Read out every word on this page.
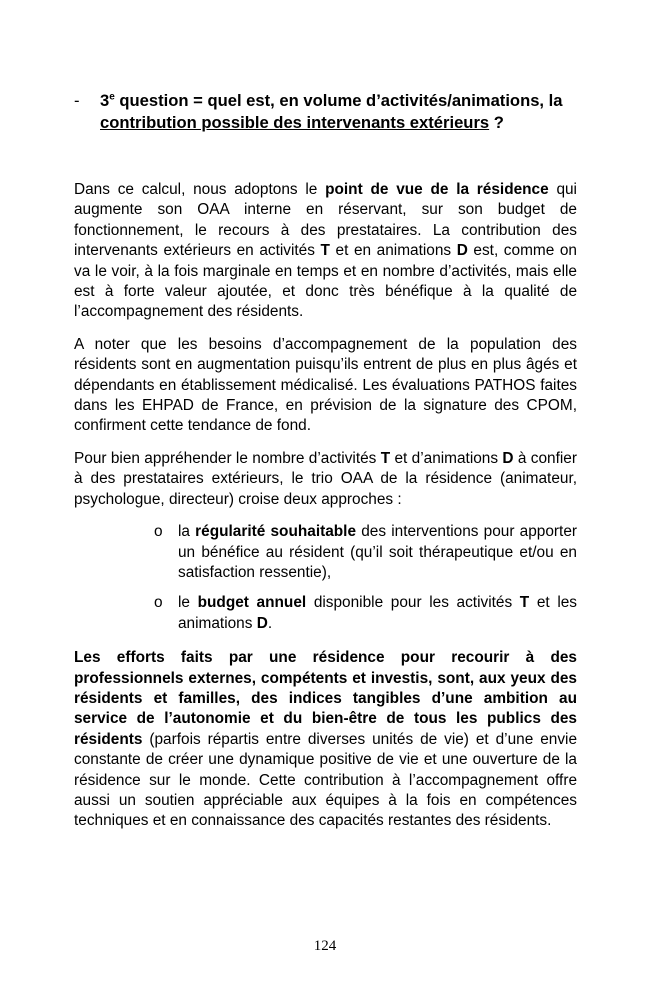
-	3e question = quel est, en volume d’activités/animations, la contribution possible des intervenants extérieurs ?

Dans ce calcul, nous adoptons le point de vue de la résidence qui augmente son OAA interne en réservant, sur son budget de fonctionnement, le recours à des prestataires. La contribution des intervenants extérieurs en activités T et en animations D est, comme on va le voir, à la fois marginale en temps et en nombre d’activités, mais elle est à forte valeur ajoutée, et donc très bénéfique à la qualité de l’accompagnement des résidents.

A noter que les besoins d’accompagnement de la population des résidents sont en augmentation puisqu’ils entrent de plus en plus âgés et dépendants en établissement médicalisé. Les évaluations PATHOS faites dans les EHPAD de France, en prévision de la signature des CPOM, confirment cette tendance de fond.

Pour bien appréhender le nombre d’activités T et d’animations D à confier à des prestataires extérieurs, le trio OAA de la résidence (animateur, psychologue, directeur) croise deux approches :

o	la régularité souhaitable des interventions pour apporter un bénéfice au résident (qu’il soit thérapeutique et/ou en satisfaction ressentie),
o	le budget annuel disponible pour les activités T et les animations D.

Les efforts faits par une résidence pour recourir à des professionnels externes, compétents et investis, sont, aux yeux des résidents et familles, des indices tangibles d’une ambition au service de l’autonomie et du bien-être de tous les publics des résidents (parfois répartis entre diverses unités de vie) et d’une envie constante de créer une dynamique positive de vie et une ouverture de la résidence sur le monde. Cette contribution à l’accompagnement offre aussi un soutien appréciable aux équipes à la fois en compétences techniques et en connaissance des capacités restantes des résidents.

124
